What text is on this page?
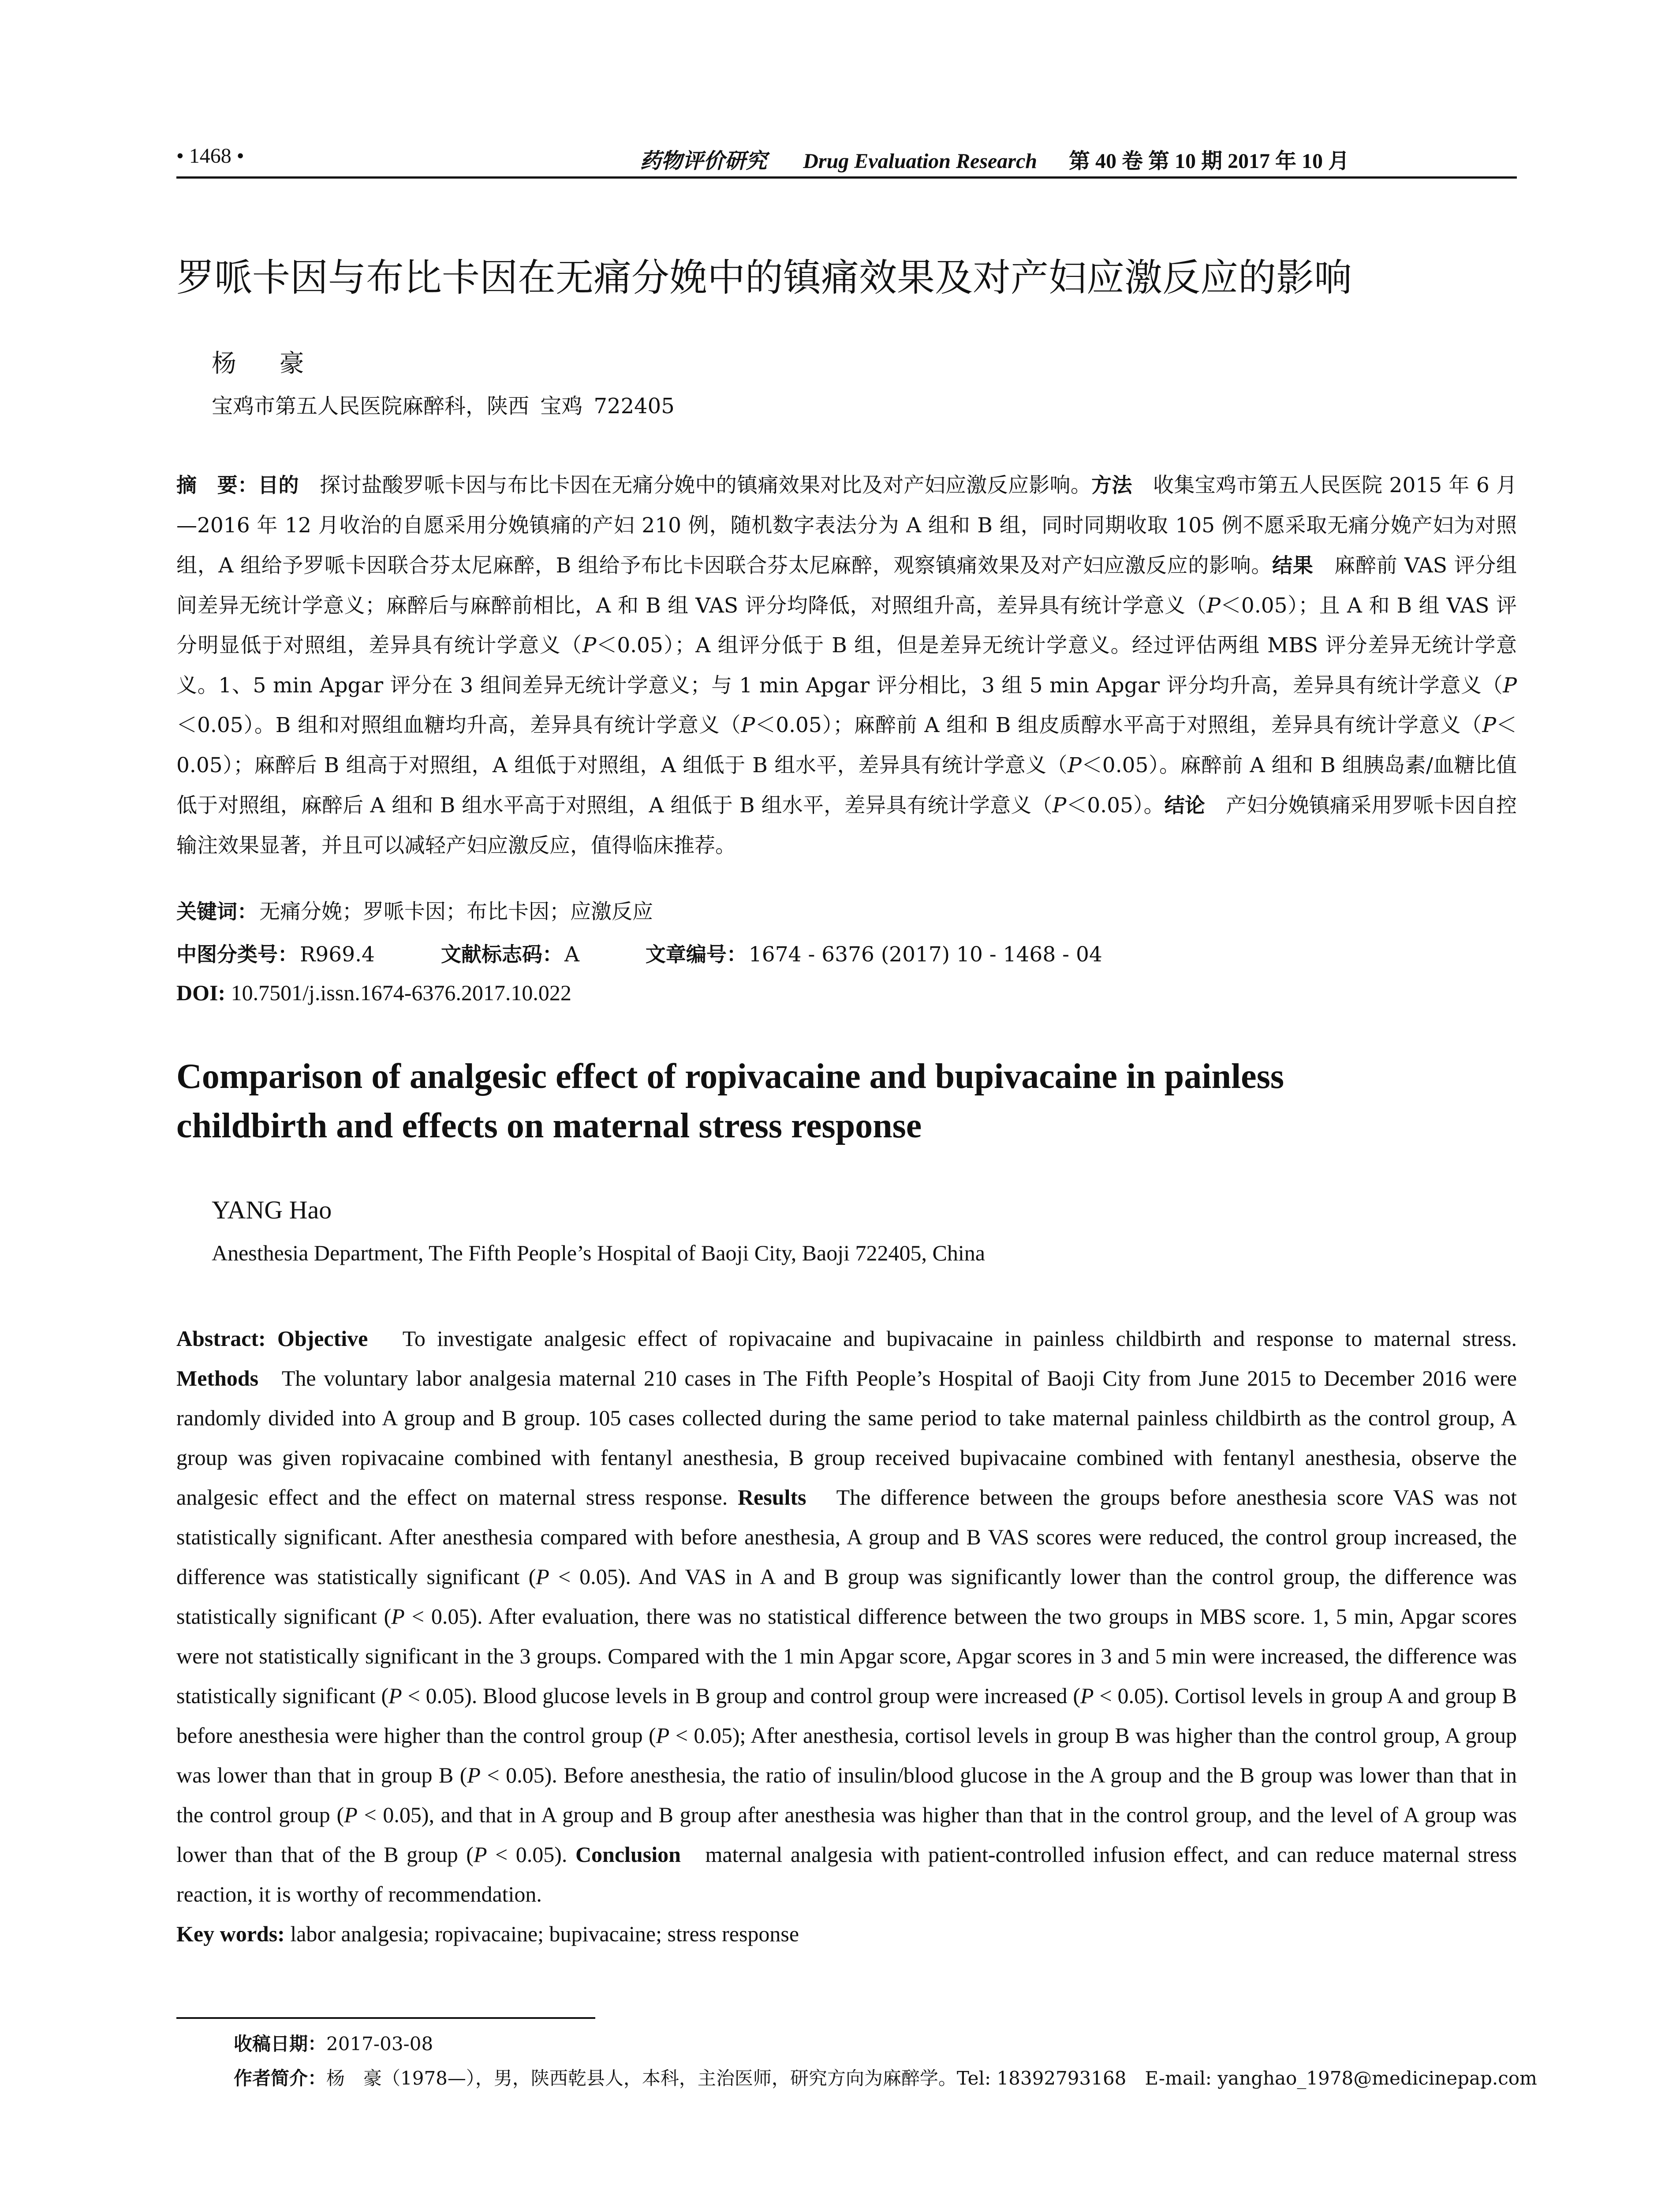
• 1468 •	药物评价研究 Drug Evaluation Research 第 40 卷 第 10 期 2017 年 10 月
罗哌卡因与布比卡因在无痛分娩中的镇痛效果及对产妇应激反应的影响
杨 豪
宝鸡市第五人民医院麻醉科，陕西 宝鸡 722405

摘　要：目的　 探讨盐酸罗哌卡因与布比卡因在无痛分娩中的镇痛效果对比及对产妇应激反应影响。方法　 收集宝鸡市第五人民医院 2015 年 6 月—2016 年 12 月收治的自愿采用分娩镇痛的产妇 210 例，随机数字表法分为 A 组和 B 组，同时同期收取 105 例不愿采取无痛分娩产妇为对照组，A 组给予罗哌卡因联合芬太尼麻醉，B 组给予布比卡因联合芬太尼麻醉，观察镇痛效果及对产妇应激反应的影响。结果　 麻醉前 VAS 评分组间差异无统计学意义；麻醉后与麻醉前相比，A 和 B 组 VAS 评分均降低，对照组升高，差异具有统计学意义（P＜0.05）；且 A 和 B 组 VAS 评分明显低于对照组，差异具有统计学意义（P＜0.05）；A 组评分低于 B 组，但是差异无统计学意义。经过评估两组 MBS 评分差异无统计学意义。1、5 min Apgar 评分在 3 组间差异无统计学意义；与 1 min Apgar 评分相比，3 组 5 min Apgar 评分均升高，差异具有统计学意义（P＜0.05）。B 组和对照组血糖均升高，差异具有统计学意义（P＜0.05）；麻醉前 A 组和 B 组皮质醇水平高于对照组，差异具有统计学意义（P＜0.05）；麻醉后 B 组高于对照组，A 组低于对照组，A 组低于 B 组水平，差异具有统计学意义（P＜0.05）。麻醉前 A 组和 B 组胰岛素/血糖比值低于对照组，麻醉后 A 组和 B 组水平高于对照组，A 组低于 B 组水平，差异具有统计学意义（P＜0.05）。结论　 产妇分娩镇痛采用罗哌卡因自控输注效果显著，并且可以减轻产妇应激反应，值得临床推荐。

关键词：无痛分娩；罗哌卡因；布比卡因；应激反应
中图分类号：R969.4	文献标志码：A	文章编号：1674 - 6376 (2017) 10 - 1468 - 04
DOI: 10.7501/j.issn.1674-6376.2017.10.022
Comparison of analgesic effect of ropivacaine and bupivacaine in painless
childbirth and effects on maternal stress response
YANG Hao
Anesthesia Department, The Fifth People’s Hospital of Baoji City, Baoji 722405, China

Abstract: Objective To investigate analgesic effect of ropivacaine and bupivacaine in painless childbirth and response to maternal stress. Methods The voluntary labor analgesia maternal 210 cases in The Fifth People’s Hospital of Baoji City from June 2015 to December 2016 were randomly divided into A group and B group. 105 cases collected during the same period to take maternal painless childbirth as the control group, A group was given ropivacaine combined with fentanyl anesthesia, B group received bupivacaine combined with fentanyl anesthesia, observe the analgesic effect and the effect on maternal stress response. Results The difference between the groups before anesthesia score VAS was not statistically significant. After anesthesia compared with before anesthesia, A group and B VAS scores were reduced, the control group increased, the difference was statistically significant (P < 0.05). And VAS in A and B group was significantly lower than the control group, the difference was statistically significant (P < 0.05). After evaluation, there was no statistical difference between the two groups in MBS score. 1, 5 min, Apgar scores were not statistically significant in the 3 groups. Compared with the 1 min Apgar score, Apgar scores in 3 and 5 min were increased, the difference was statistically significant (P < 0.05). Blood glucose levels in B group and control group were increased (P < 0.05). Cortisol levels in group A and group B before anesthesia were higher than the control group (P < 0.05); After anesthesia, cortisol levels in group B was higher than the control group, A group was lower than that in group B (P < 0.05). Before anesthesia, the ratio of insulin/blood glucose in the A group and the B group was lower than that in the control group (P < 0.05), and that in A group and B group after anesthesia was higher than that in the control group, and the level of A group was lower than that of the B group (P < 0.05). Conclusion maternal analgesia with patient-controlled infusion effect, and can reduce maternal stress reaction, it is worthy of recommendation.

Key words: labor analgesia; ropivacaine; bupivacaine; stress response

收稿日期：2017-03-08
作者简介：杨　豪（1978—），男，陕西乾县人，本科，主治医师，研究方向为麻醉学。Tel: 18392793168　E-mail: yanghao_1978@medicinepap.com
